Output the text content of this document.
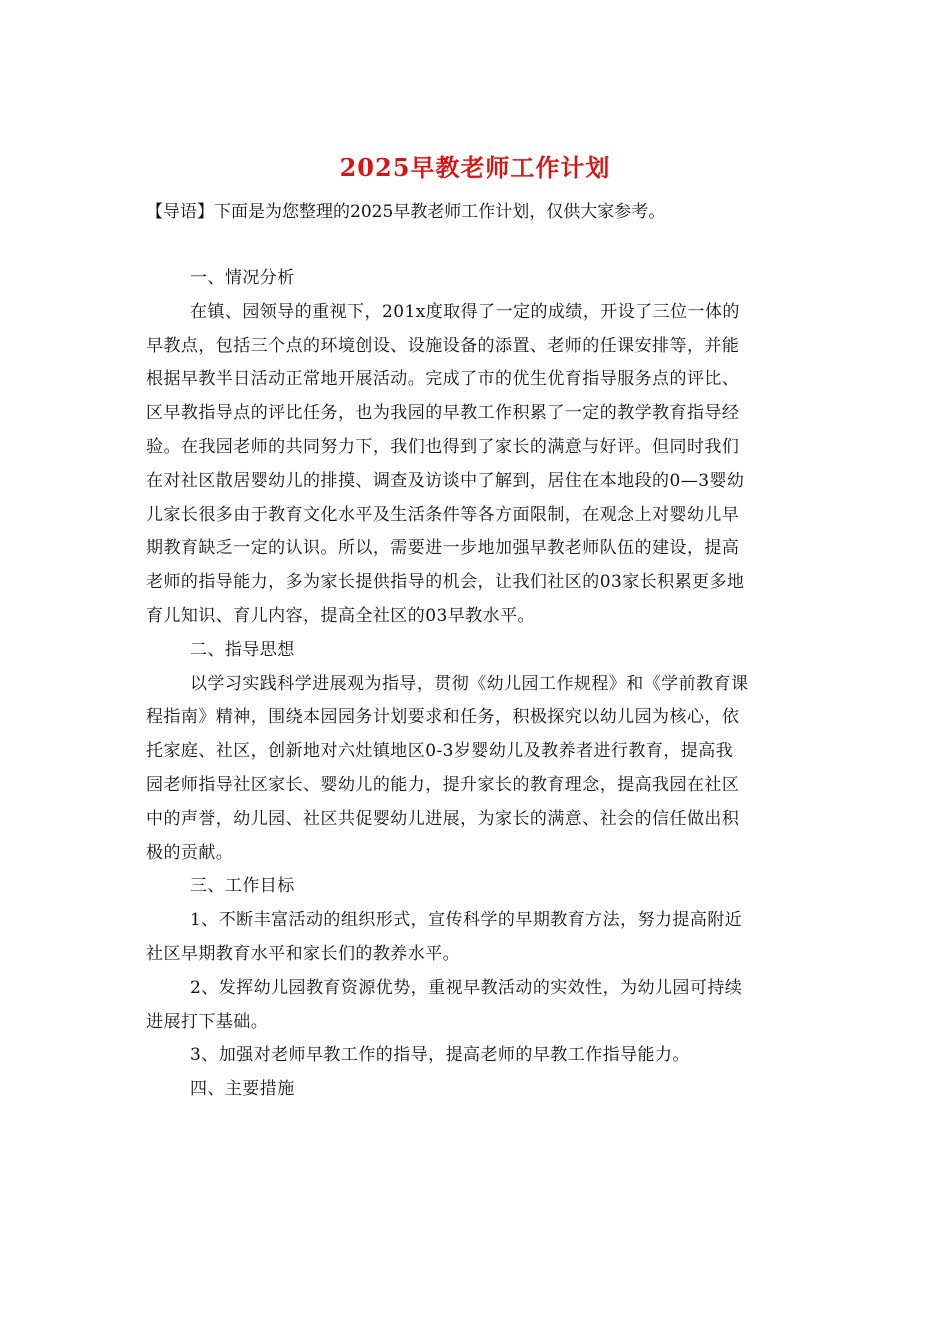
2025早教老师工作计划
【导语】下面是为您整理的2025早教老师工作计划，仅供大家参考。
一、情况分析
在镇、园领导的重视下，201x度取得了一定的成绩，开设了三位一体的
早教点，包括三个点的环境创设、设施设备的添置、老师的任课安排等，并能
根据早教半日活动正常地开展活动。完成了市的优生优育指导服务点的评比、
区早教指导点的评比任务，也为我园的早教工作积累了一定的教学教育指导经
验。在我园老师的共同努力下，我们也得到了家长的满意与好评。但同时我们
在对社区散居婴幼儿的排摸、调查及访谈中了解到，居住在本地段的0—3婴幼
儿家长很多由于教育文化水平及生活条件等各方面限制，在观念上对婴幼儿早
期教育缺乏一定的认识。所以，需要进一步地加强早教老师队伍的建设，提高
老师的指导能力，多为家长提供指导的机会，让我们社区的03家长积累更多地
育儿知识、育儿内容，提高全社区的03早教水平。
二、指导思想
以学习实践科学进展观为指导，贯彻《幼儿园工作规程》和《学前教育课
程指南》精神，围绕本园园务计划要求和任务，积极探究以幼儿园为核心，依
托家庭、社区，创新地对六灶镇地区0-3岁婴幼儿及教养者进行教育，提高我
园老师指导社区家长、婴幼儿的能力，提升家长的教育理念，提高我园在社区
中的声誉，幼儿园、社区共促婴幼儿进展，为家长的满意、社会的信任做出积
极的贡献。
三、工作目标
1、不断丰富活动的组织形式，宣传科学的早期教育方法，努力提高附近
社区早期教育水平和家长们的教养水平。
2、发挥幼儿园教育资源优势，重视早教活动的实效性，为幼儿园可持续
进展打下基础。
3、加强对老师早教工作的指导，提高老师的早教工作指导能力。
四、主要措施
